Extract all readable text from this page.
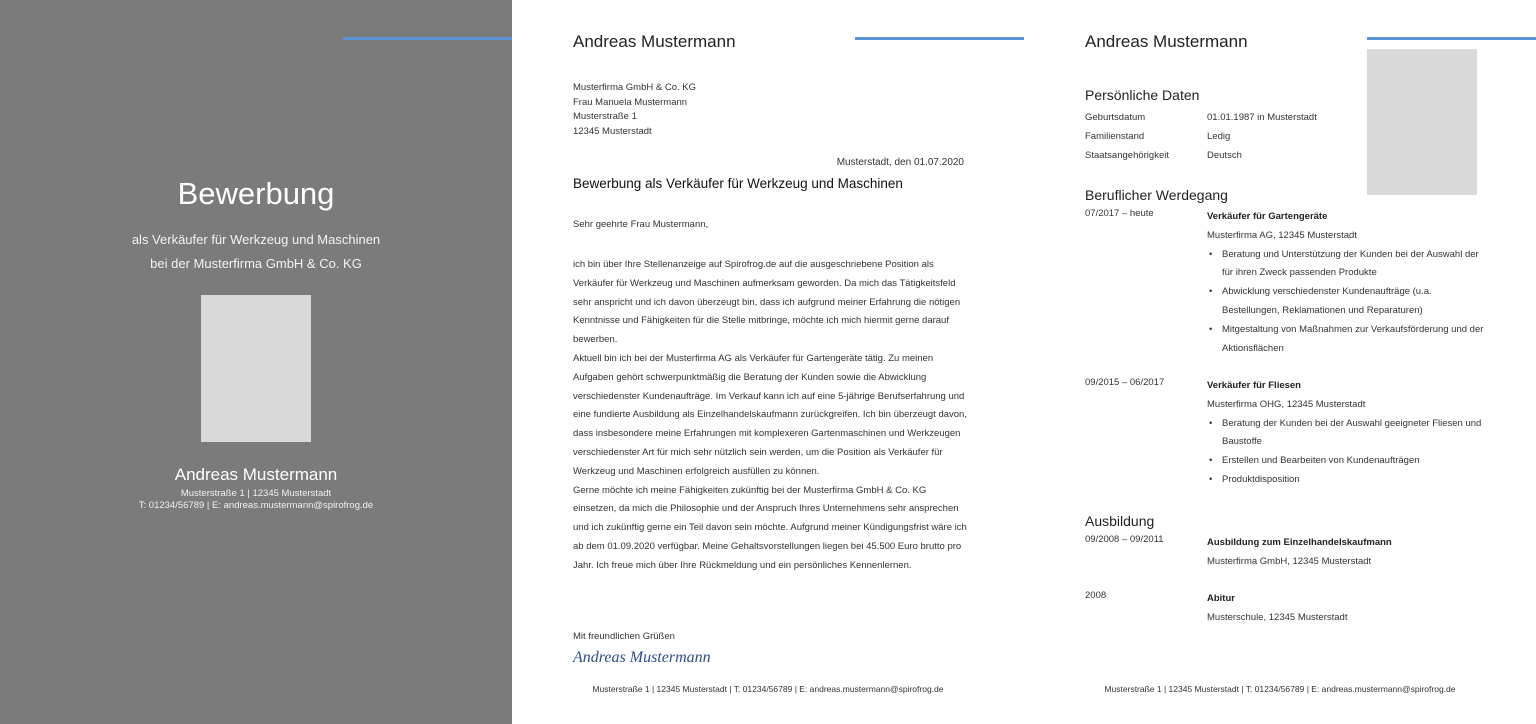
Bewerbung
als Verkäufer für Werkzeug und Maschinen
bei der Musterfirma GmbH & Co. KG
Andreas Mustermann
Musterstraße 1 | 12345 Musterstadt
T: 01234/56789 | E: andreas.mustermann@spirofrog.de
Andreas Mustermann
Musterfirma GmbH & Co. KG
Frau Manuela Mustermann
Musterstraße 1
12345 Musterstadt
Musterstadt, den 01.07.2020
Bewerbung als Verkäufer für Werkzeug und Maschinen
Sehr geehrte Frau Mustermann,

ich bin über Ihre Stellenanzeige auf Spirofrog.de auf die ausgeschriebene Position als Verkäufer für Werkzeug und Maschinen aufmerksam geworden. Da mich das Tätigkeitsfeld sehr anspricht und ich davon überzeugt bin, dass ich aufgrund meiner Erfahrung die nötigen Kenntnisse und Fähigkeiten für die Stelle mitbringe, möchte ich mich hiermit gerne darauf bewerben.

Aktuell bin ich bei der Musterfirma AG als Verkäufer für Gartengeräte tätig. Zu meinen Aufgaben gehört schwerpunktmäßig die Beratung der Kunden sowie die Abwicklung verschiedenster Kundenaufträge. Im Verkauf kann ich auf eine 5-jährige Berufserfahrung und eine fundierte Ausbildung als Einzelhandelskaufmann zurückgreifen. Ich bin überzeugt davon, dass insbesondere meine Erfahrungen mit komplexeren Gartenmaschinen und Werkzeugen verschiedenster Art für mich sehr nützlich sein werden, um die Position als Verkäufer für Werkzeug und Maschinen erfolgreich ausfüllen zu können.

Gerne möchte ich meine Fähigkeiten zukünftig bei der Musterfirma GmbH & Co. KG einsetzen, da mich die Philosophie und der Anspruch Ihres Unternehmens sehr ansprechen und ich zukünftig gerne ein Teil davon sein möchte. Aufgrund meiner Kündigungsfrist wäre ich ab dem 01.09.2020 verfügbar. Meine Gehaltsvorstellungen liegen bei 45.500 Euro brutto pro Jahr. Ich freue mich über Ihre Rückmeldung und ein persönliches Kennenlernen.

Mit freundlichen Grüßen
Andreas Mustermann
Musterstraße 1 | 12345 Musterstadt | T: 01234/56789 | E: andreas.mustermann@spirofrog.de
Andreas Mustermann
Persönliche Daten
Geburtsdatum	01.01.1987 in Musterstadt
Familienstand	Ledig
Staatsangehörigkeit	Deutsch
Beruflicher Werdegang
07/2017 – heute	Verkäufer für Gartengeräte
Musterfirma AG, 12345 Musterstadt
• Beratung und Unterstützung der Kunden bei der Auswahl der für ihren Zweck passenden Produkte
• Abwicklung verschiedenster Kundenaufträge (u.a. Bestellungen, Reklamationen und Reparaturen)
• Mitgestaltung von Maßnahmen zur Verkaufsförderung und der Aktionsflächen
09/2015 – 06/2017	Verkäufer für Fliesen
Musterfirma OHG, 12345 Musterstadt
• Beratung der Kunden bei der Auswahl geeigneter Fliesen und Baustoffe
• Erstellen und Bearbeiten von Kundenaufträgen
• Produktdisposition
Ausbildung
09/2008 – 09/2011	Ausbildung zum Einzelhandelskaufmann
Musterfirma GmbH, 12345 Musterstadt
2008	Abitur
Musterschule, 12345 Musterstadt
Musterstraße 1 | 12345 Musterstadt | T: 01234/56789 | E: andreas.mustermann@spirofrog.de
